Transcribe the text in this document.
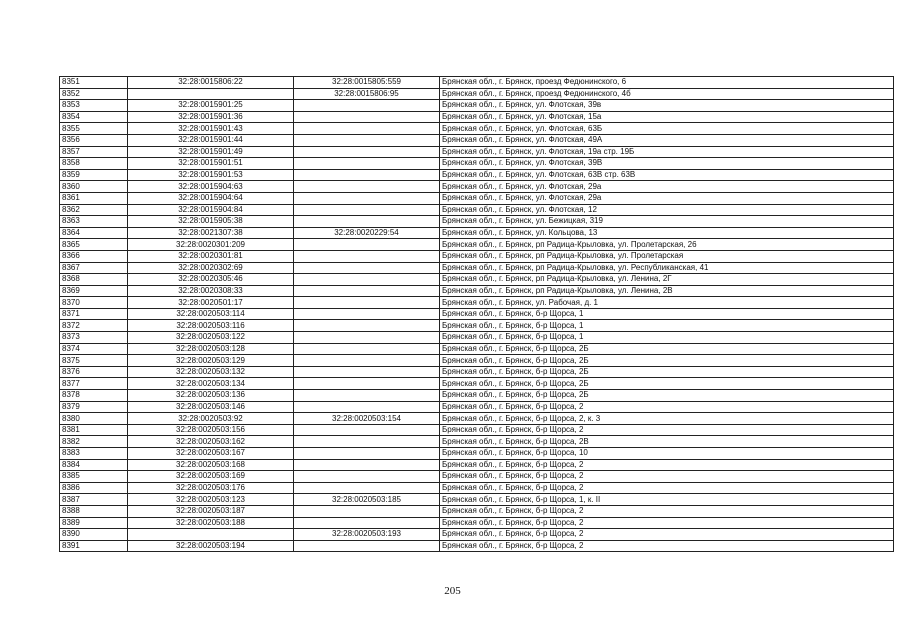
8351	32:28:0015806:22	32:28:0015805:559	Брянская обл., г. Брянск, проезд Федюнинского, 6
8352		32:28:0015806:95	Брянская обл., г. Брянск, проезд Федюнинского, 4б
8353	32:28:0015901:25		Брянская обл., г. Брянск, ул. Флотская, 39в
8354	32:28:0015901:36		Брянская обл., г. Брянск, ул. Флотская, 15а
8355	32:28:0015901:43		Брянская обл., г. Брянск, ул. Флотская, 63Б
8356	32:28:0015901:44		Брянская обл., г. Брянск, ул. Флотская, 49А
8357	32:28:0015901:49		Брянская обл., г. Брянск, ул. Флотская, 19а стр. 19Б
8358	32:28:0015901:51		Брянская обл., г. Брянск, ул. Флотская, 39В
8359	32:28:0015901:53		Брянская обл., г. Брянск, ул. Флотская, 63В стр. 63В
8360	32:28:0015904:63		Брянская обл., г. Брянск, ул. Флотская, 29а
8361	32:28:0015904:64		Брянская обл., г. Брянск, ул. Флотская, 29а
8362	32:28:0015904:84		Брянская обл., г. Брянск, ул. Флотская, 12
8363	32:28:0015905:38		Брянская обл., г. Брянск, ул. Бежицкая, 319
8364	32:28:0021307:38	32:28:0020229:54	Брянская обл., г. Брянск, ул. Кольцова, 13
8365	32:28:0020301:209		Брянская обл., г. Брянск, рп Радица-Крыловка, ул. Пролетарская, 26
8366	32:28:0020301:81		Брянская обл., г. Брянск, рп Радица-Крыловка, ул. Пролетарская
8367	32:28:0020302:69		Брянская обл., г. Брянск, рп Радица-Крыловка, ул. Республиканская, 41
8368	32:28:0020305:46		Брянская обл., г. Брянск, рп Радица-Крыловка, ул. Ленина, 2Г
8369	32:28:0020308:33		Брянская обл., г. Брянск, рп Радица-Крыловка, ул. Ленина, 2В
8370	32:28:0020501:17		Брянская обл., г. Брянск, ул. Рабочая, д. 1
8371	32:28:0020503:114		Брянская обл., г. Брянск, б-р Щорса, 1
8372	32:28:0020503:116		Брянская обл., г. Брянск, б-р Щорса, 1
8373	32:28:0020503:122		Брянская обл., г. Брянск, б-р Щорса, 1
8374	32:28:0020503:128		Брянская обл., г. Брянск, б-р Щорса, 2Б
8375	32:28:0020503:129		Брянская обл., г. Брянск, б-р Щорса, 2Б
8376	32:28:0020503:132		Брянская обл., г. Брянск, б-р Щорса, 2Б
8377	32:28:0020503:134		Брянская обл., г. Брянск, б-р Щорса, 2Б
8378	32:28:0020503:136		Брянская обл., г. Брянск, б-р Щорса, 2Б
8379	32:28:0020503:146		Брянская обл., г. Брянск, б-р Щорса, 2
8380	32:28:0020503:92	32:28:0020503:154	Брянская обл., г. Брянск, б-р Щорса, 2, к. 3
8381	32:28:0020503:156		Брянская обл., г. Брянск, б-р Щорса, 2
8382	32:28:0020503:162		Брянская обл., г. Брянск, б-р Щорса, 2В
8383	32:28:0020503:167		Брянская обл., г. Брянск, б-р Щорса, 10
8384	32:28:0020503:168		Брянская обл., г. Брянск, б-р Щорса, 2
8385	32:28:0020503:169		Брянская обл., г. Брянск, б-р Щорса, 2
8386	32:28:0020503:176		Брянская обл., г. Брянск, б-р Щорса, 2
8387	32:28:0020503:123	32:28:0020503:185	Брянская обл., г. Брянск, б-р Щорса, 1, к. II
8388	32:28:0020503:187		Брянская обл., г. Брянск, б-р Щорса, 2
8389	32:28:0020503:188		Брянская обл., г. Брянск, б-р Щорса, 2
8390		32:28:0020503:193	Брянская обл., г. Брянск, б-р Щорса, 2
8391	32:28:0020503:194		Брянская обл., г. Брянск, б-р Щорса, 2
205
